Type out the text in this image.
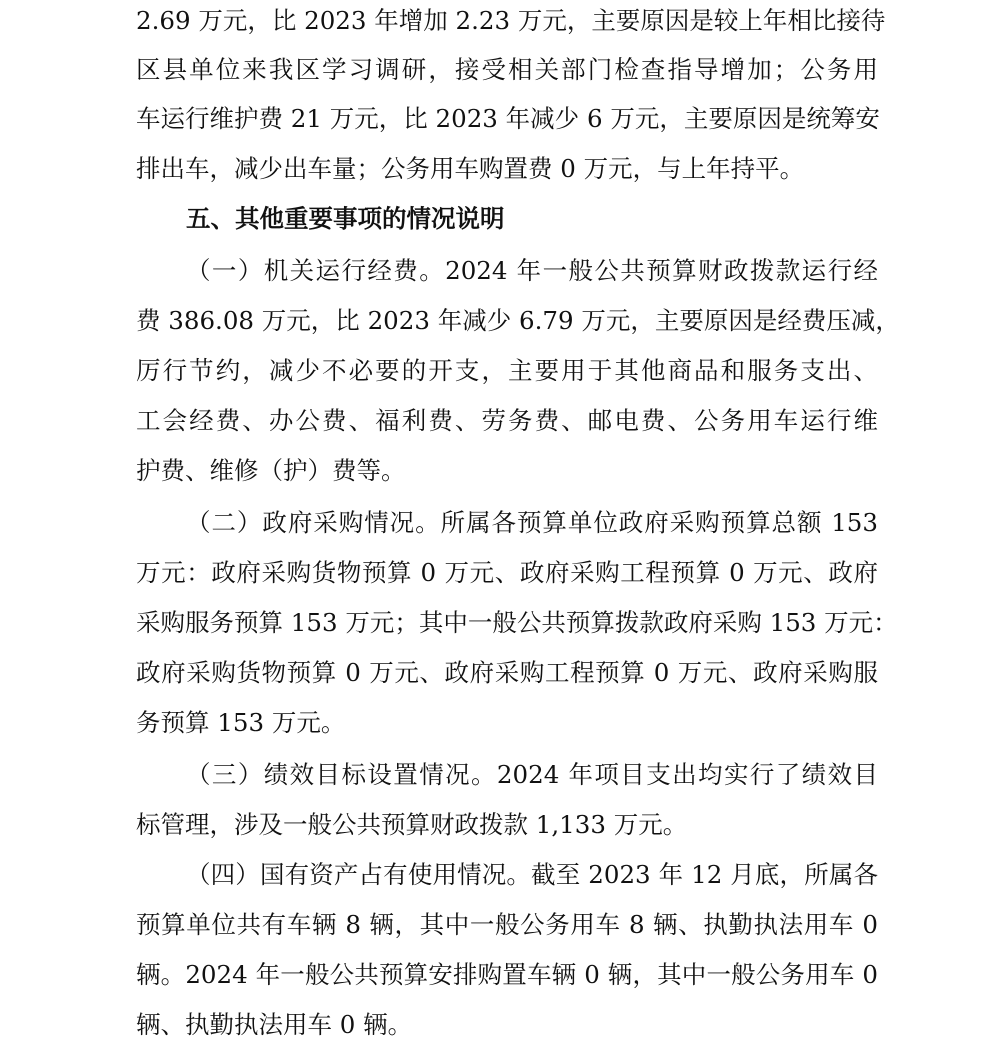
2.69 万元，比 2023 年增加 2.23 万元，主要原因是较上年相比接待
区县单位来我区学习调研，接受相关部门检查指导增加；公务用
车运行维护费 21 万元，比 2023 年减少 6 万元，主要原因是统筹安
排出车，减少出车量；公务用车购置费 0 万元，与上年持平。
五、其他重要事项的情况说明
（一）机关运行经费。2024 年一般公共预算财政拨款运行经
费 386.08 万元，比 2023 年减少 6.79 万元，主要原因是经费压减，
厉行节约，减少不必要的开支，主要用于其他商品和服务支出、
工会经费、办公费、福利费、劳务费、邮电费、公务用车运行维
护费、维修（护）费等。
（二）政府采购情况。所属各预算单位政府采购预算总额 153
万元：政府采购货物预算 0 万元、政府采购工程预算 0 万元、政府
采购服务预算 153 万元；其中一般公共预算拨款政府采购 153 万元：
政府采购货物预算 0 万元、政府采购工程预算 0 万元、政府采购服
务预算 153 万元。
（三）绩效目标设置情况。2024 年项目支出均实行了绩效目
标管理，涉及一般公共预算财政拨款 1,133 万元。
（四）国有资产占有使用情况。截至 2023 年 12 月底，所属各
预算单位共有车辆 8 辆，其中一般公务用车 8 辆、执勤执法用车 0
辆。2024 年一般公共预算安排购置车辆 0 辆，其中一般公务用车 0
辆、执勤执法用车 0 辆。
